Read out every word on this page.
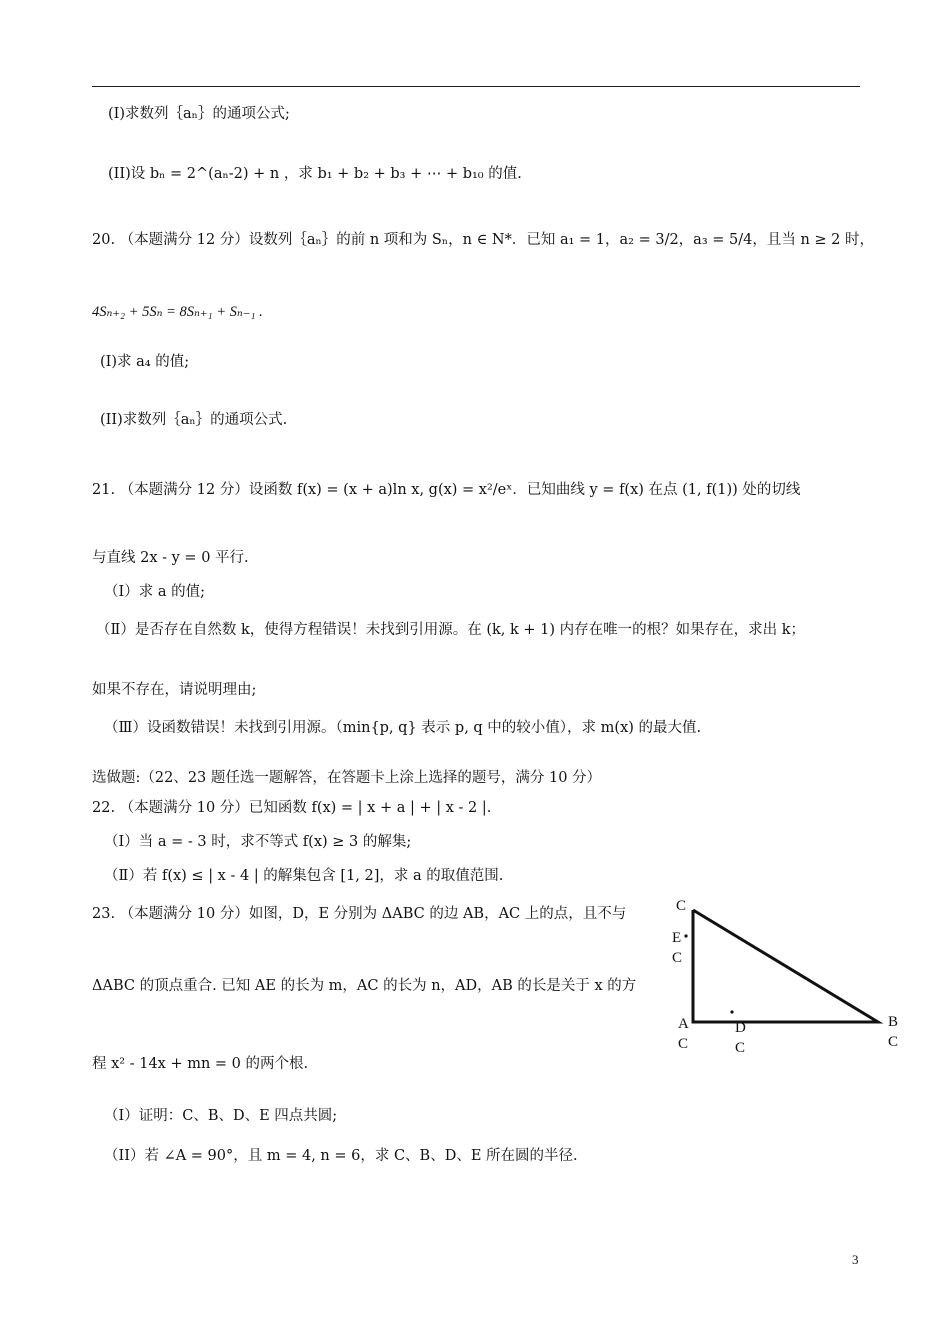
(I)求数列｛aₙ｝的通项公式;
(II)设 bₙ = 2^(aₙ-2) + n ，求 b₁ + b₂ + b₃ + ⋯ + b₁₀ 的值.
20. （本题满分 12 分）设数列｛aₙ｝的前 n 项和为 Sₙ，n ∈ N*．已知 a₁ = 1，a₂ = 3/2，a₃ = 5/4，且当 n ≥ 2 时，
4Sₙ₊₂ + 5Sₙ = 8Sₙ₊₁ + Sₙ₋₁ .
(I)求 a₄ 的值;
(II)求数列｛aₙ｝的通项公式.
21. （本题满分 12 分）设函数 f(x) = (x + a)ln x, g(x) = x²/eˣ．已知曲线 y = f(x) 在点 (1, f(1)) 处的切线
与直线 2x - y = 0 平行.
（Ⅰ）求 a 的值;
（Ⅱ）是否存在自然数 k，使得方程错误！未找到引用源。在 (k, k + 1) 内存在唯一的根？如果存在，求出 k；
如果不存在，请说明理由;
（Ⅲ）设函数错误！未找到引用源。（min{p, q} 表示 p, q 中的较小值），求 m(x) 的最大值.
选做题:（22、23 题任选一题解答，在答题卡上涂上选择的题号，满分 10 分）
22. （本题满分 10 分）已知函数 f(x) = | x + a | + | x - 2 |.
（Ⅰ）当 a = - 3 时，求不等式 f(x) ≥ 3 的解集;
（Ⅱ）若 f(x) ≤ | x - 4 | 的解集包含 [1, 2]，求 a 的取值范围.
23. （本题满分 10 分）如图，D，E 分别为 ΔABC 的边 AB，AC 上的点，且不与
ΔABC 的顶点重合. 已知 AE 的长为 m，AC 的长为 n，AD，AB 的长是关于 x 的方
程 x² - 14x + mn = 0 的两个根.
（I）证明：C、B、D、E 四点共圆;
（II）若 ∠A = 90°，且 m = 4, n = 6，求 C、B、D、E 所在圆的半径.
C
E
C
A
C
D
C
B
C
3
